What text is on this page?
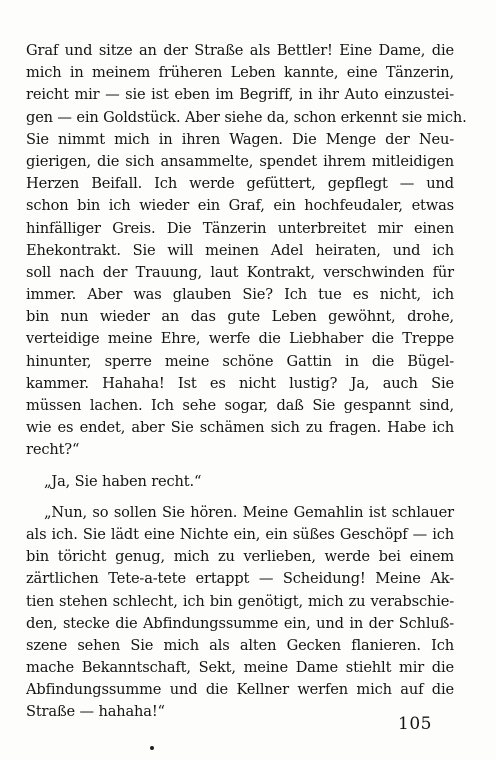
Graf und sitze an der Straße als Bettler! Eine Dame, die
mich in meinem früheren Leben kannte, eine Tänzerin,
reicht mir — sie ist eben im Begriff, in ihr Auto einzustei-
gen — ein Goldstück. Aber siehe da, schon erkennt sie mich.
Sie nimmt mich in ihren Wagen. Die Menge der Neu-
gierigen, die sich ansammelte, spendet ihrem mitleidigen
Herzen Beifall. Ich werde gefüttert, gepflegt — und
schon bin ich wieder ein Graf, ein hochfeudaler, etwas
hinfälliger Greis. Die Tänzerin unterbreitet mir einen
Ehekontrakt. Sie will meinen Adel heiraten, und ich
soll nach der Trauung, laut Kontrakt, verschwinden für
immer. Aber was glauben Sie? Ich tue es nicht, ich
bin nun wieder an das gute Leben gewöhnt, drohe,
verteidige meine Ehre, werfe die Liebhaber die Treppe
hinunter, sperre meine schöne Gattin in die Bügel-
kammer. Hahaha! Ist es nicht lustig? Ja, auch Sie
müssen lachen. Ich sehe sogar, daß Sie gespannt sind,
wie es endet, aber Sie schämen sich zu fragen. Habe ich
recht?“
„Ja, Sie haben recht.“
„Nun, so sollen Sie hören. Meine Gemahlin ist schlauer
als ich. Sie lädt eine Nichte ein, ein süßes Geschöpf — ich
bin töricht genug, mich zu verlieben, werde bei einem
zärtlichen Tete-a-tete ertappt — Scheidung! Meine Ak-
tien stehen schlecht, ich bin genötigt, mich zu verabschie-
den, stecke die Abfindungssumme ein, und in der Schluß-
szene sehen Sie mich als alten Gecken flanieren. Ich
mache Bekanntschaft, Sekt, meine Dame stiehlt mir die
Abfindungssumme und die Kellner werfen mich auf die
Straße — hahaha!“
105
